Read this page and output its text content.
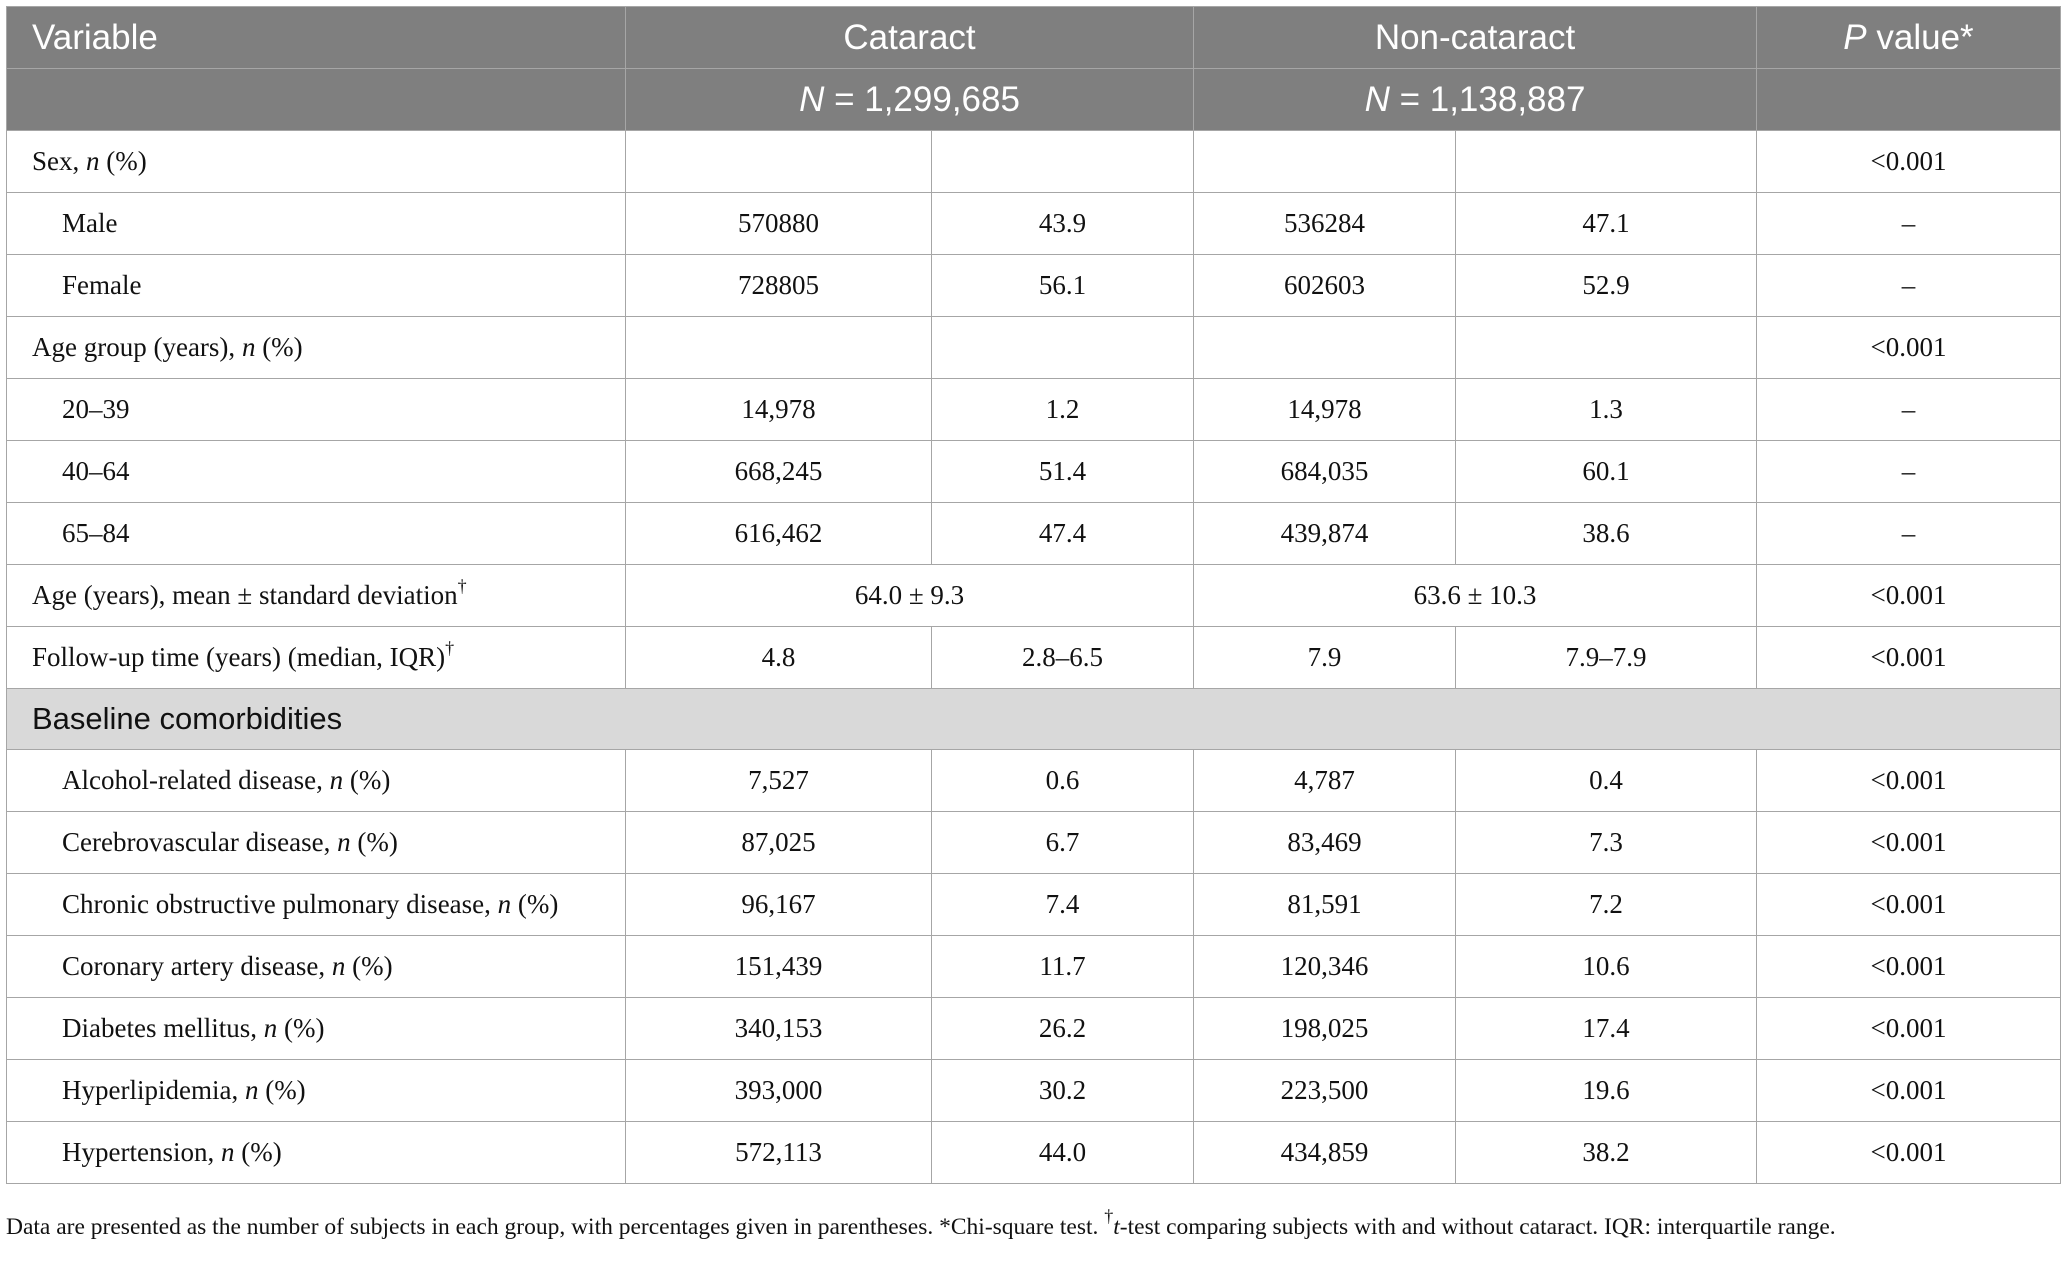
Variable	Cataract		Non-cataract		P value*
	N = 1,299,685		N = 1,138,887		
Sex, n (%)					<0.001
Male	570880	43.9	536284	47.1	–
Female	728805	56.1	602603	52.9	–
Age group (years), n (%)					<0.001
20–39	14,978	1.2	14,978	1.3	–
40–64	668,245	51.4	684,035	60.1	–
65–84	616,462	47.4	439,874	38.6	–
Age (years), mean ± standard deviation†	64.0 ± 9.3		63.6 ± 10.3		<0.001
Follow-up time (years) (median, IQR)†	4.8	2.8–6.5	7.9	7.9–7.9	<0.001
Baseline comorbidities					
Alcohol-related disease, n (%)	7,527	0.6	4,787	0.4	<0.001
Cerebrovascular disease, n (%)	87,025	6.7	83,469	7.3	<0.001
Chronic obstructive pulmonary disease, n (%)	96,167	7.4	81,591	7.2	<0.001
Coronary artery disease, n (%)	151,439	11.7	120,346	10.6	<0.001
Diabetes mellitus, n (%)	340,153	26.2	198,025	17.4	<0.001
Hyperlipidemia, n (%)	393,000	30.2	223,500	19.6	<0.001
Hypertension, n (%)	572,113	44.0	434,859	38.2	<0.001
Data are presented as the number of subjects in each group, with percentages given in parentheses. *Chi-square test. †t-test comparing subjects with and without cataract. IQR: interquartile range.
